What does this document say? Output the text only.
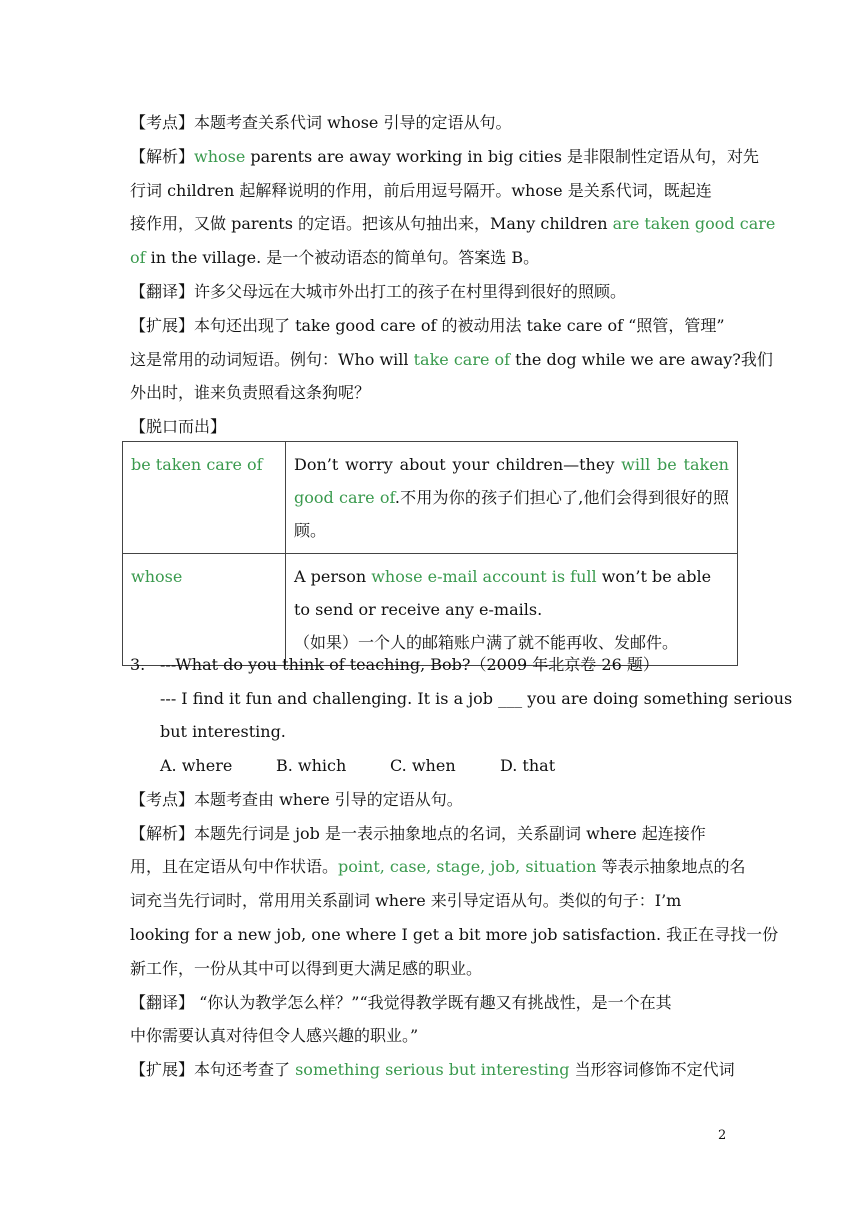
【考点】本题考查关系代词 whose 引导的定语从句。
【解析】whose parents are away working in big cities 是非限制性定语从句，对先
行词 children 起解释说明的作用，前后用逗号隔开。whose 是关系代词，既起连
接作用，又做 parents 的定语。把该从句抽出来，Many children are taken good care
of in the village. 是一个被动语态的简单句。答案选 B。
【翻译】许多父母远在大城市外出打工的孩子在村里得到很好的照顾。
【扩展】本句还出现了 take good care of 的被动用法 take care of “照管，管理”
这是常用的动词短语。例句：Who will take care of the dog while we are away?我们
外出时，谁来负责照看这条狗呢？
【脱口而出】
be taken care of	Don’t worry about your children—they will be taken good care of.不用为你的孩子们担心了,他们会得到很好的照顾。
whose	A person whose e-mail account is full won’t be able to send or receive any e-mails.
（如果）一个人的邮箱账户满了就不能再收、发邮件。
3. ---What do you think of teaching, Bob?（2009 年北京卷 26 题）
--- I find it fun and challenging. It is a job ___ you are doing something serious
but interesting.
A. where	B. which	C. when	D. that
【考点】本题考查由 where 引导的定语从句。
【解析】本题先行词是 job 是一表示抽象地点的名词，关系副词 where 起连接作
用，且在定语从句中作状语。point, case, stage, job, situation 等表示抽象地点的名
词充当先行词时，常用用关系副词 where 来引导定语从句。类似的句子：I’m
looking for a new job, one where I get a bit more job satisfaction. 我正在寻找一份
新工作，一份从其中可以得到更大满足感的职业。
【翻译】 “你认为教学怎么样？”“我觉得教学既有趣又有挑战性，是一个在其
中你需要认真对待但令人感兴趣的职业。”
【扩展】本句还考查了 something serious but interesting 当形容词修饰不定代词
2
